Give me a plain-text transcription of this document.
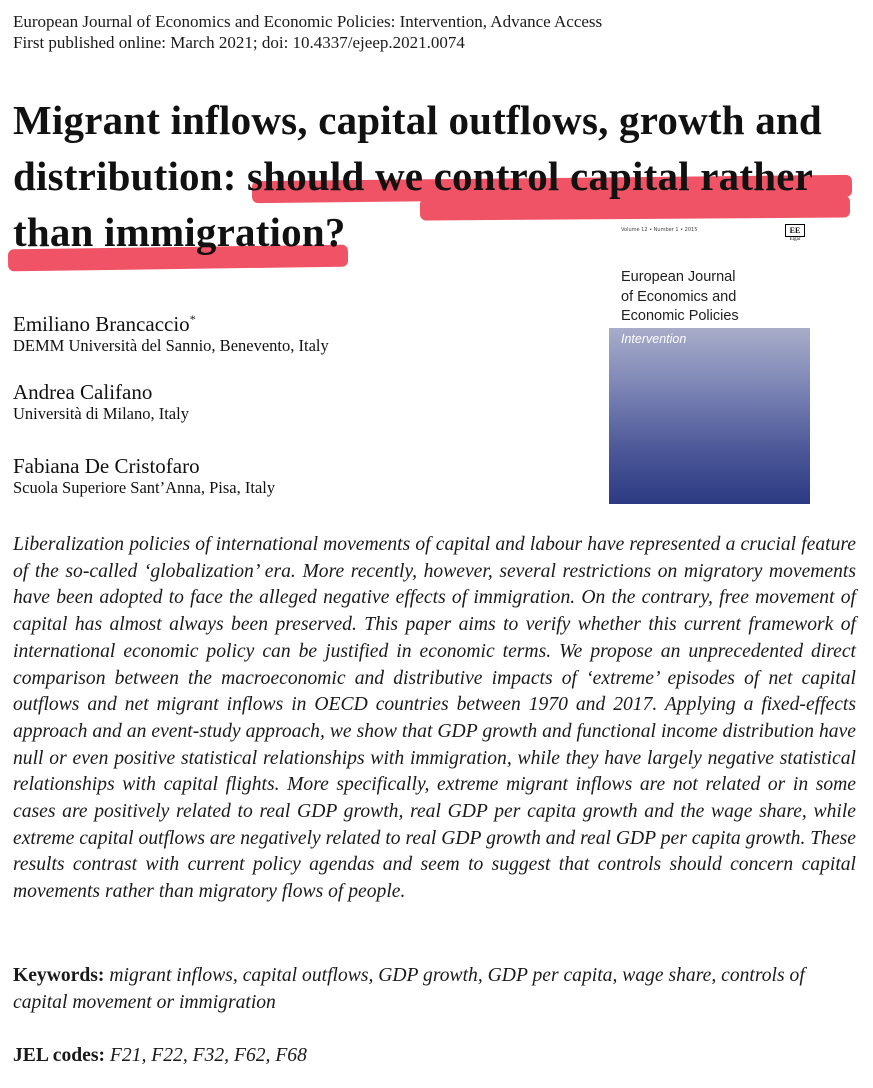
European Journal of Economics and Economic Policies: Intervention, Advance Access
First published online: March 2021; doi: 10.4337/ejeep.2021.0074
Migrant inflows, capital outflows, growth and distribution: should we control capital rather than immigration?
Emiliano Brancaccio*
DEMM Università del Sannio, Benevento, Italy
Andrea Califano
Università di Milano, Italy
Fabiana De Cristofaro
Scuola Superiore Sant’Anna, Pisa, Italy
Volume 12 • Number 1 • 2015	EE
Elgar
European Journal
of Economics and
Economic Policies
Intervention

Liberalization policies of international movements of capital and labour have represented a crucial feature of the so-called ‘globalization’ era. More recently, however, several restrictions on migratory movements have been adopted to face the alleged negative effects of immigration. On the contrary, free movement of capital has almost always been preserved. This paper aims to verify whether this current framework of international economic policy can be justified in economic terms. We propose an unprecedented direct comparison between the macroeconomic and distributive impacts of ‘extreme’ episodes of net capital outflows and net migrant inflows in OECD countries between 1970 and 2017. Applying a fixed-effects approach and an event-study approach, we show that GDP growth and functional income distribution have null or even positive statistical relationships with immigration, while they have largely negative statistical relationships with capital flights. More specifically, extreme migrant inflows are not related or in some cases are positively related to real GDP growth, real GDP per capita growth and the wage share, while extreme capital outflows are negatively related to real GDP growth and real GDP per capita growth. These results contrast with current policy agendas and seem to suggest that controls should concern capital movements rather than migratory flows of people.

Keywords: migrant inflows, capital outflows, GDP growth, GDP per capita, wage share, controls of capital movement or immigration
JEL codes: F21, F22, F32, F62, F68
